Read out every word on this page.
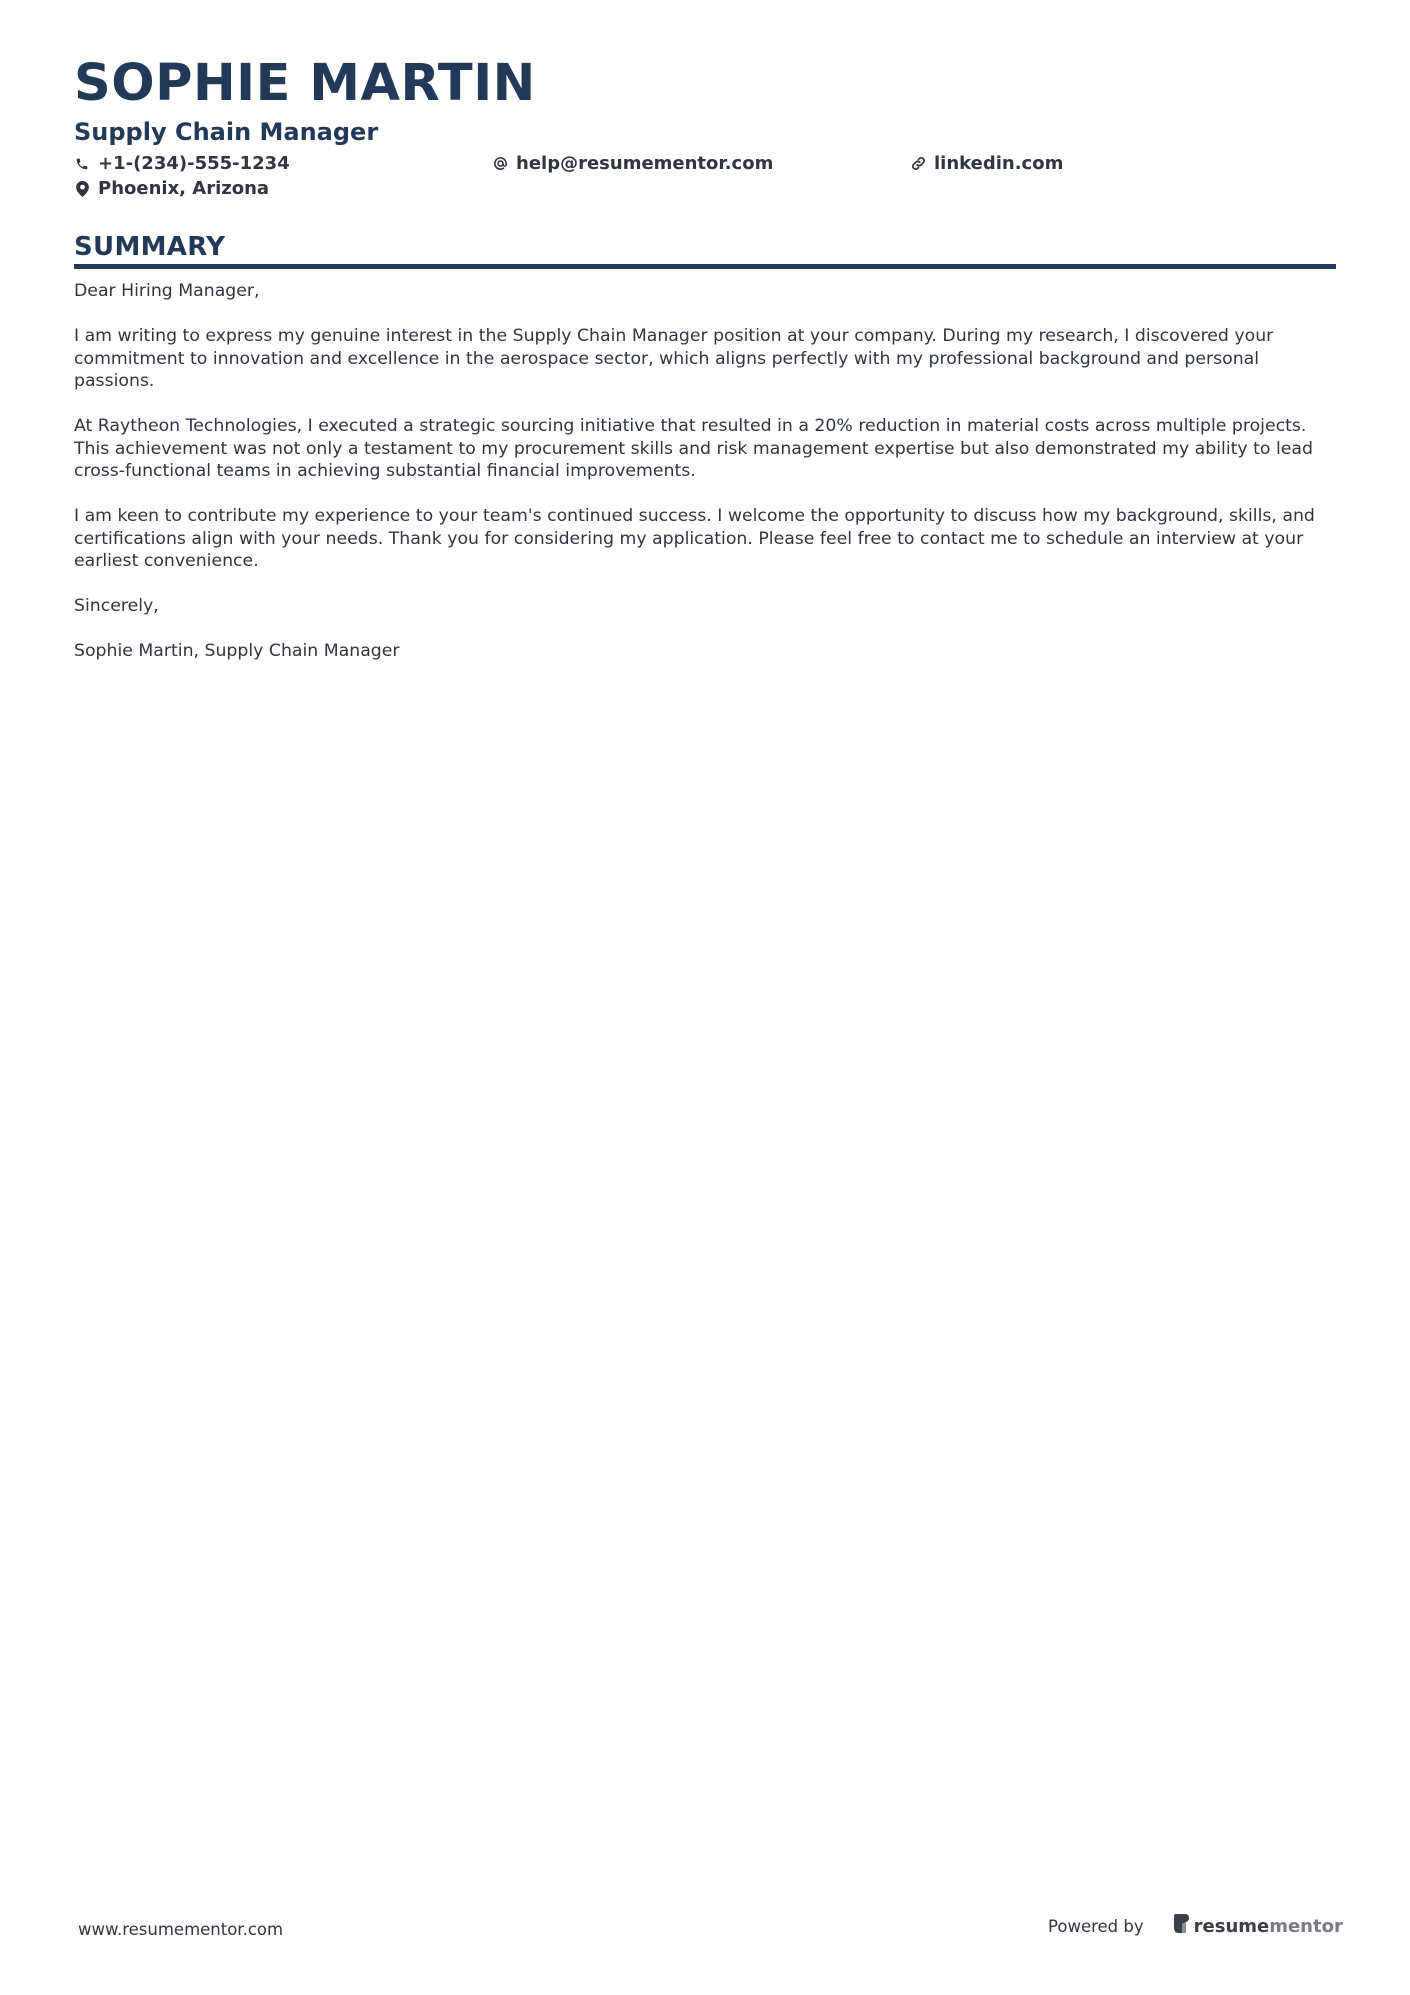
SOPHIE MARTIN
Supply Chain Manager
+1-(234)-555-1234	help@resumementor.com	linkedin.com
Phoenix, Arizona
SUMMARY

Dear Hiring Manager,

I am writing to express my genuine interest in the Supply Chain Manager position at your company. During my research, I discovered your commitment to innovation and excellence in the aerospace sector, which aligns perfectly with my professional background and personal passions.

At Raytheon Technologies, I executed a strategic sourcing initiative that resulted in a 20% reduction in material costs across multiple projects. This achievement was not only a testament to my procurement skills and risk management expertise but also demonstrated my ability to lead cross-functional teams in achieving substantial financial improvements.

I am keen to contribute my experience to your team's continued success. I welcome the opportunity to discuss how my background, skills, and certifications align with your needs. Thank you for considering my application. Please feel free to contact me to schedule an interview at your earliest convenience.

Sincerely,

Sophie Martin, Supply Chain Manager

www.resumementor.com	Powered by	resumementor
